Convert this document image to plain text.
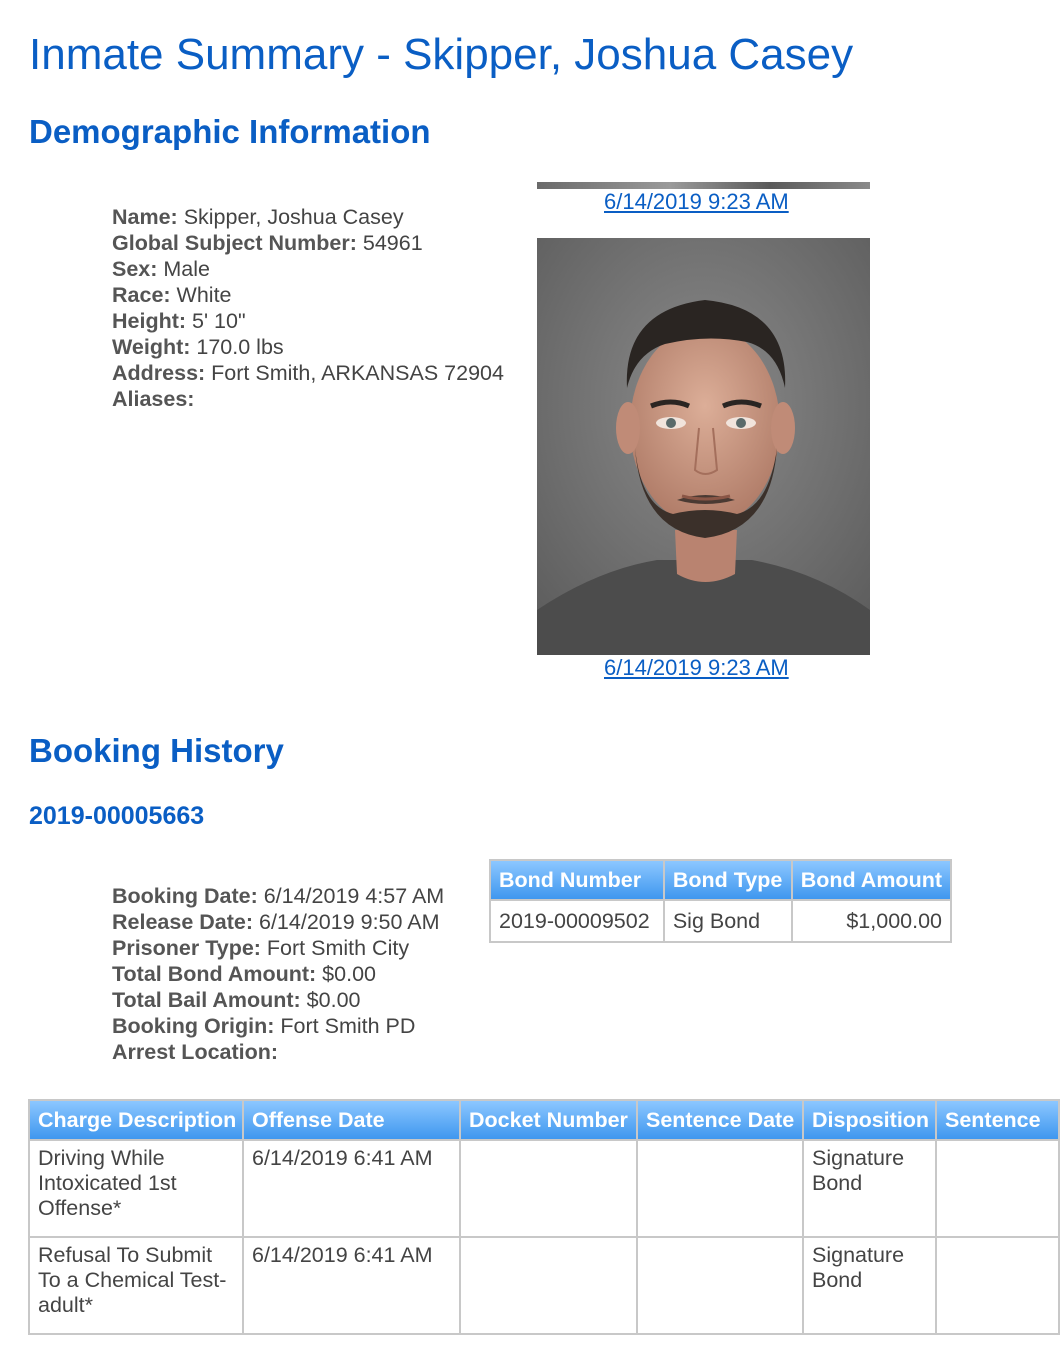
Inmate Summary - Skipper, Joshua Casey
Demographic Information
Name: Skipper, Joshua Casey
Global Subject Number: 54961
Sex: Male
Race: White
Height: 5' 10"
Weight: 170.0 lbs
Address: Fort Smith, ARKANSAS 72904
Aliases:
6/14/2019 9:23 AM
6/14/2019 9:23 AM
Booking History
2019-00005663
Booking Date: 6/14/2019 4:57 AM
Release Date: 6/14/2019 9:50 AM
Prisoner Type: Fort Smith City
Total Bond Amount: $0.00
Total Bail Amount: $0.00
Booking Origin: Fort Smith PD
Arrest Location:
Bond Number	Bond Type	Bond Amount
2019-00009502	Sig Bond	$1,000.00
Charge Description	Offense Date	Docket Number	Sentence Date	Disposition	Sentence
Driving While Intoxicated 1st Offense*	6/14/2019 6:41 AM			Signature Bond	
Refusal To Submit To a Chemical Test-adult*	6/14/2019 6:41 AM			Signature Bond	
